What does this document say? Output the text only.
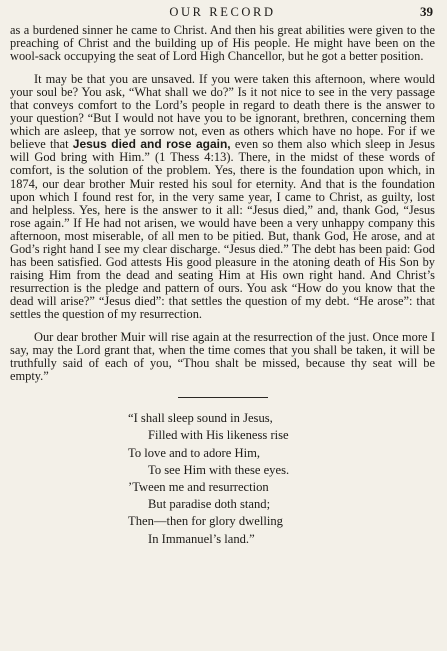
OUR RECORD	39

as a burdened sinner he came to Christ. And then his great abilities were given to the preaching of Christ and the building up of His people. He might have been on the wool-sack occupying the seat of Lord High Chancellor, but he got a better position.

It may be that you are unsaved. If you were taken this afternoon, where would your soul be? You ask, “What shall we do?” Is it not nice to see in the very passage that conveys comfort to the Lord’s people in regard to death there is the answer to your question? “But I would not have you to be ignorant, brethren, concerning them which are asleep, that ye sorrow not, even as others which have no hope. For if we believe that Jesus died and rose again, even so them also which sleep in Jesus will God bring with Him.” (1 Thess 4:13). There, in the midst of these words of comfort, is the solution of the problem. Yes, there is the foundation upon which, in 1874, our dear brother Muir rested his soul for eternity. And that is the foundation upon which I found rest for, in the very same year, I came to Christ, as guilty, lost and helpless. Yes, here is the answer to it all: “Jesus died,” and, thank God, “Jesus rose again.” If He had not arisen, we would have been a very unhappy company this afternoon, most miserable, of all men to be pitied. But, thank God, He arose, and at God’s right hand I see my clear discharge. “Jesus died.” The debt has been paid: God has been satisfied. God attests His good pleasure in the atoning death of His Son by raising Him from the dead and seating Him at His own right hand. And Christ’s resurrection is the pledge and pattern of ours. You ask “How do you know that the dead will arise?” “Jesus died”: that settles the question of my debt. “He arose”: that settles the question of my resurrection.

Our dear brother Muir will rise again at the resurrection of the just. Once more I say, may the Lord grant that, when the time comes that you shall be taken, it will be truthfully said of each of you, “Thou shalt be missed, because thy seat will be empty.”

“I shall sleep sound in Jesus,
Filled with His likeness rise
To love and to adore Him,
To see Him with these eyes.
’Tween me and resurrection
But paradise doth stand;
Then—then for glory dwelling
In Immanuel’s land.”
